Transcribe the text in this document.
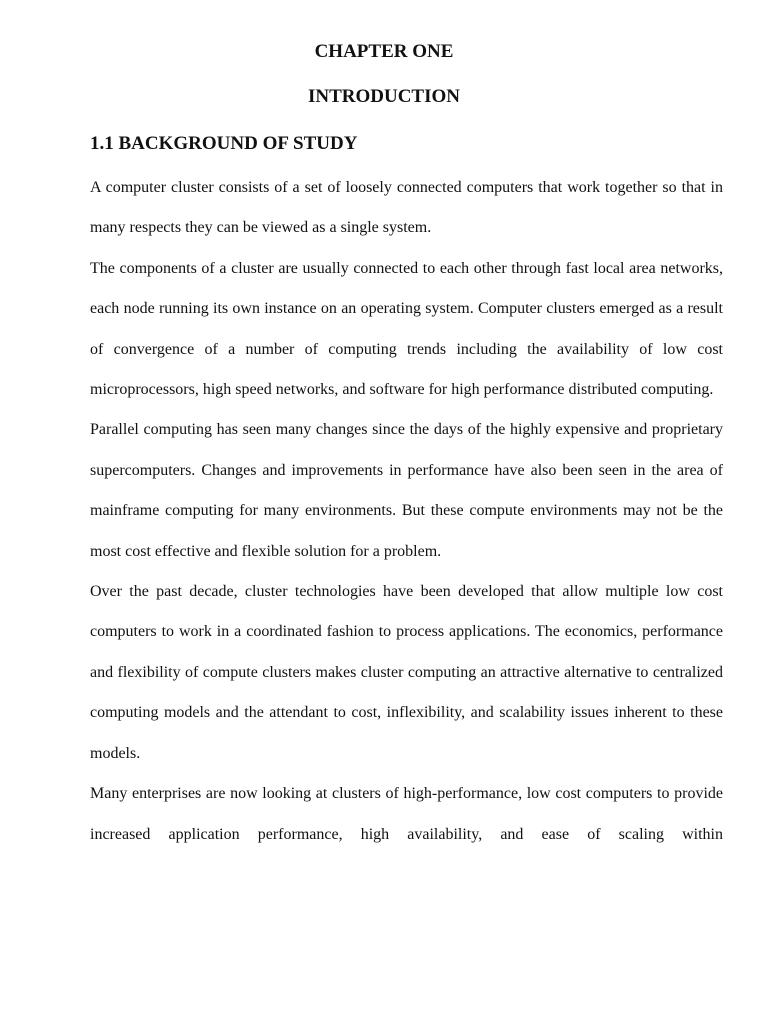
CHAPTER ONE
INTRODUCTION
1.1 BACKGROUND OF STUDY

A computer cluster consists of a set of loosely connected computers that work together so that in many respects they can be viewed as a single system.

The components of a cluster are usually connected to each other through fast local area networks, each node running its own instance on an operating system. Computer clusters emerged as a result of convergence of a number of computing trends including the availability of low cost microprocessors, high speed networks, and software for high performance distributed computing.

Parallel computing has seen many changes since the days of the highly expensive and proprietary supercomputers. Changes and improvements in performance have also been seen in the area of mainframe computing for many environments. But these compute environments may not be the most cost effective and flexible solution for a problem.

Over the past decade, cluster technologies have been developed that allow multiple low cost computers to work in a coordinated fashion to process applications. The economics, performance and flexibility of compute clusters makes cluster computing an attractive alternative to centralized computing models and the attendant to cost, inflexibility, and scalability issues inherent to these models.

Many enterprises are now looking at clusters of high-performance, low cost computers to provide increased application performance, high availability, and ease of scaling within
